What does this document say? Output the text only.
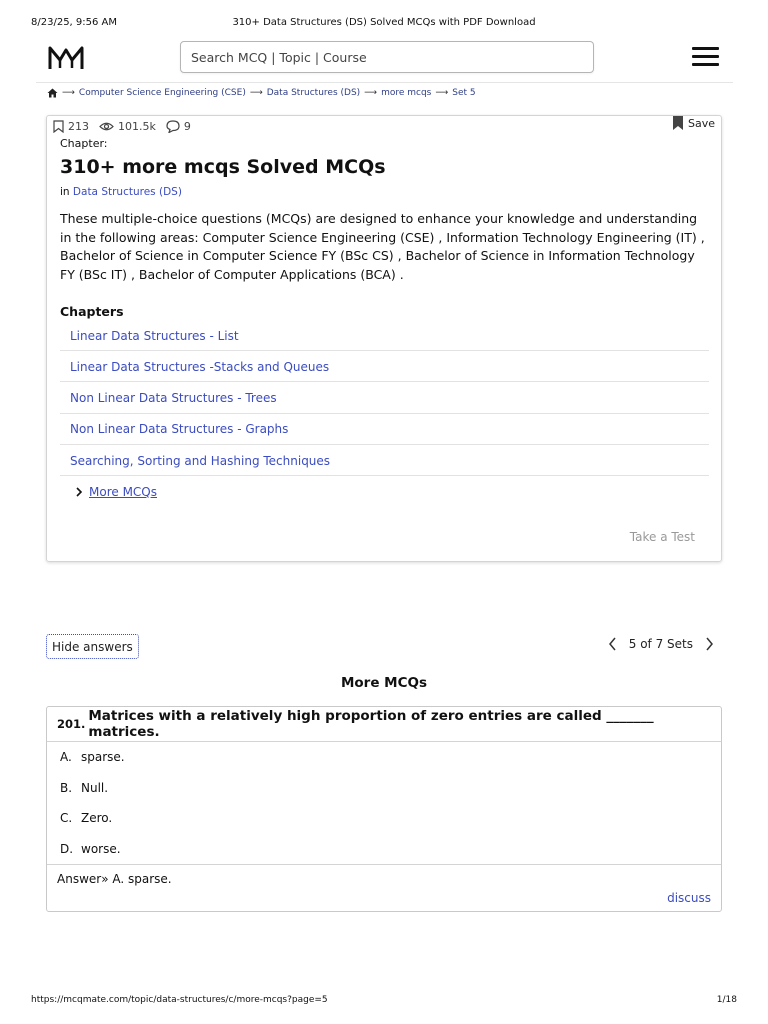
8/23/25, 9:56 AM	310+ Data Structures (DS) Solved MCQs with PDF Download
Search MCQ | Topic | Course
⟶ Computer Science Engineering (CSE) ⟶ Data Structures (DS) ⟶ more mcqs ⟶ Set 5
213	101.5k	9	Save
Chapter:
310+ more mcqs Solved MCQs
in Data Structures (DS)

These multiple-choice questions (MCQs) are designed to enhance your knowledge and understanding in the following areas: Computer Science Engineering (CSE) , Information Technology Engineering (IT) , Bachelor of Science in Computer Science FY (BSc CS) , Bachelor of Science in Information Technology FY (BSc IT) , Bachelor of Computer Applications (BCA) .

Chapters
Linear Data Structures - List
Linear Data Structures -Stacks and Queues
Non Linear Data Structures - Trees
Non Linear Data Structures - Graphs
Searching, Sorting and Hashing Techniques
More MCQs
Take a Test
Hide answers	5 of 7 Sets
More MCQs
201. Matrices with a relatively high proportion of zero entries are called _______ matrices.
A. sparse.
B. Null.
C. Zero.
D. worse.
Answer» A. sparse.
discuss
https://mcqmate.com/topic/data-structures/c/more-mcqs?page=5	1/18
